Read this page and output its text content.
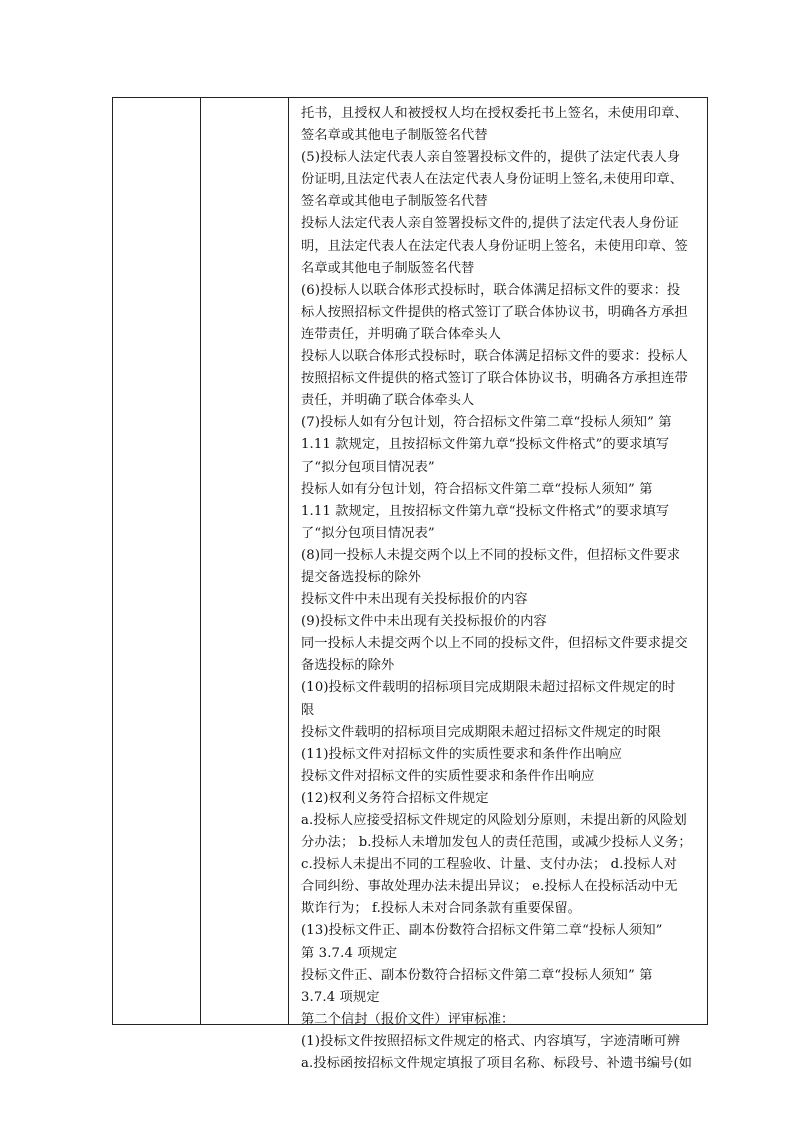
托书，且授权人和被授权人均在授权委托书上签名，未使用印章、
签名章或其他电子制版签名代替
(5)投标人法定代表人亲自签署投标文件的，提供了法定代表人身
份证明,且法定代表人在法定代表人身份证明上签名,未使用印章、
签名章或其他电子制版签名代替
投标人法定代表人亲自签署投标文件的,提供了法定代表人身份证
明，且法定代表人在法定代表人身份证明上签名，未使用印章、签
名章或其他电子制版签名代替
(6)投标人以联合体形式投标时，联合体满足招标文件的要求：投
标人按照招标文件提供的格式签订了联合体协议书，明确各方承担
连带责任，并明确了联合体牵头人
投标人以联合体形式投标时，联合体满足招标文件的要求：投标人
按照招标文件提供的格式签订了联合体协议书，明确各方承担连带
责任，并明确了联合体牵头人
(7)投标人如有分包计划，符合招标文件第二章“投标人须知” 第
1.11 款规定，且按招标文件第九章“投标文件格式”的要求填写
了“拟分包项目情况表”
投标人如有分包计划，符合招标文件第二章“投标人须知” 第
1.11 款规定，且按招标文件第九章“投标文件格式”的要求填写
了“拟分包项目情况表”
(8)同一投标人未提交两个以上不同的投标文件，但招标文件要求
提交备选投标的除外
投标文件中未出现有关投标报价的内容
(9)投标文件中未出现有关投标报价的内容
同一投标人未提交两个以上不同的投标文件，但招标文件要求提交
备选投标的除外
(10)投标文件载明的招标项目完成期限未超过招标文件规定的时
限
投标文件载明的招标项目完成期限未超过招标文件规定的时限
(11)投标文件对招标文件的实质性要求和条件作出响应
投标文件对招标文件的实质性要求和条件作出响应
(12)权利义务符合招标文件规定
a.投标人应接受招标文件规定的风险划分原则，未提出新的风险划
分办法； b.投标人未增加发包人的责任范围，或减少投标人义务；
c.投标人未提出不同的工程验收、计量、支付办法； d.投标人对
合同纠纷、事故处理办法未提出异议； e.投标人在投标活动中无
欺诈行为； f.投标人未对合同条款有重要保留。
(13)投标文件正、副本份数符合招标文件第二章“投标人须知”
第 3.7.4 项规定
投标文件正、副本份数符合招标文件第二章“投标人须知” 第
3.7.4 项规定
第二个信封（报价文件）评审标准：
(1)投标文件按照招标文件规定的格式、内容填写，字迹清晰可辨
a.投标函按招标文件规定填报了项目名称、标段号、补遗书编号(如
